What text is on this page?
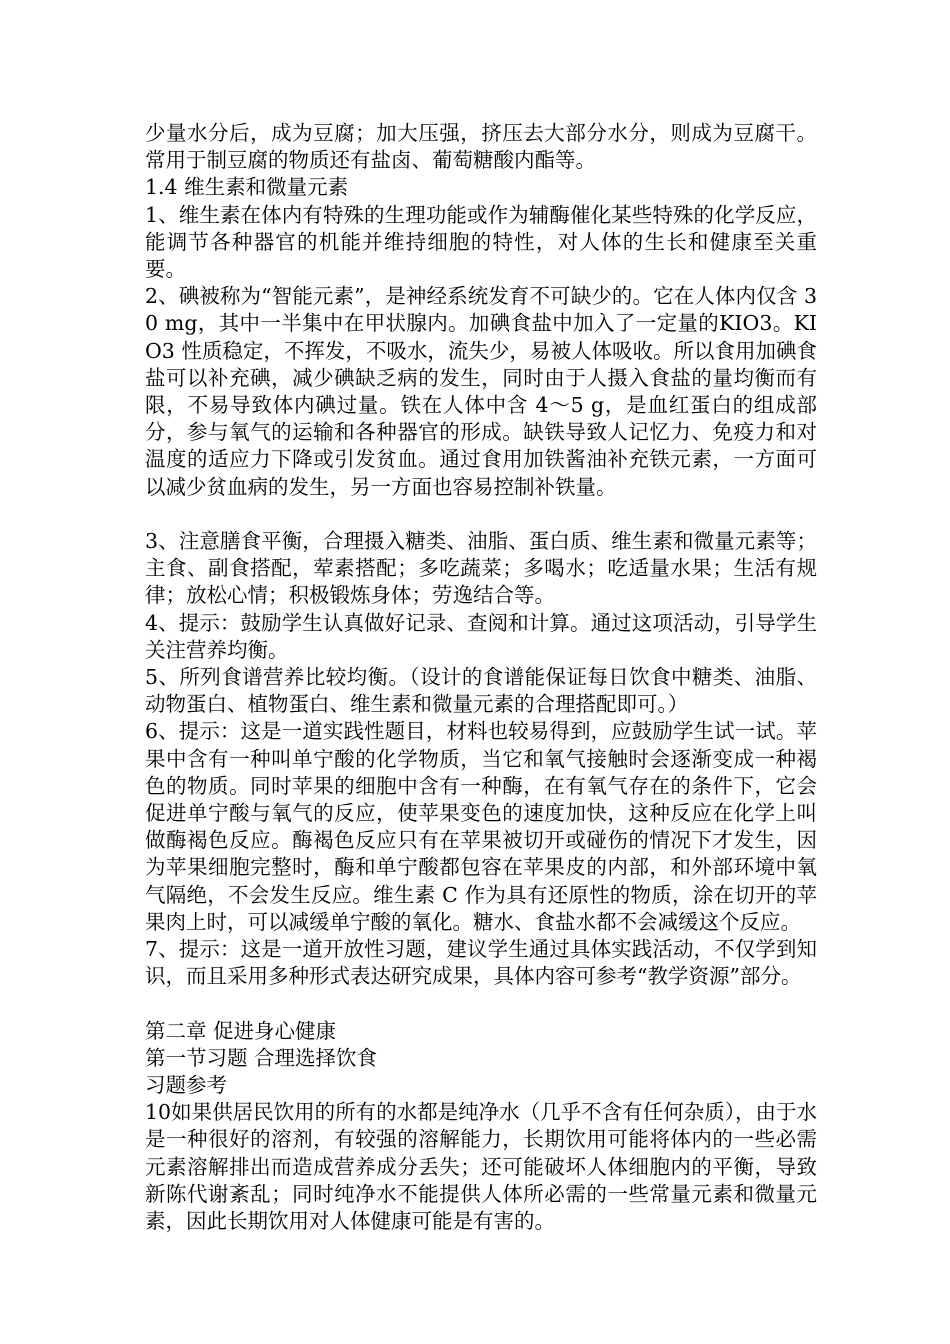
少量水分后，成为豆腐；加大压强，挤压去大部分水分，则成为豆腐干。常用于制豆腐的物质还有盐卤、葡萄糖酸内酯等。

1.4 维生素和微量元素

1、维生素在体内有特殊的生理功能或作为辅酶催化某些特殊的化学反应，能调节各种器官的机能并维持细胞的特性，对人体的生长和健康至关重要。

2、碘被称为“智能元素”，是神经系统发育不可缺少的。它在人体内仅含 30 mg，其中一半集中在甲状腺内。加碘食盐中加入了一定量的KIO3。KIO3 性质稳定，不挥发，不吸水，流失少，易被人体吸收。所以食用加碘食盐可以补充碘，减少碘缺乏病的发生，同时由于人摄入食盐的量均衡而有限，不易导致体内碘过量。铁在人体中含 4～5 g，是血红蛋白的组成部分，参与氧气的运输和各种器官的形成。缺铁导致人记忆力、免疫力和对温度的适应力下降或引发贫血。通过食用加铁酱油补充铁元素，一方面可以减少贫血病的发生，另一方面也容易控制补铁量。

3、注意膳食平衡，合理摄入糖类、油脂、蛋白质、维生素和微量元素等；主食、副食搭配，荤素搭配；多吃蔬菜；多喝水；吃适量水果；生活有规律；放松心情；积极锻炼身体；劳逸结合等。

4、提示：鼓励学生认真做好记录、查阅和计算。通过这项活动，引导学生关注营养均衡。

5、所列食谱营养比较均衡。（设计的食谱能保证每日饮食中糖类、油脂、动物蛋白、植物蛋白、维生素和微量元素的合理搭配即可。）

6、提示：这是一道实践性题目，材料也较易得到，应鼓励学生试一试。苹果中含有一种叫单宁酸的化学物质，当它和氧气接触时会逐渐变成一种褐色的物质。同时苹果的细胞中含有一种酶，在有氧气存在的条件下，它会促进单宁酸与氧气的反应，使苹果变色的速度加快，这种反应在化学上叫做酶褐色反应。酶褐色反应只有在苹果被切开或碰伤的情况下才发生，因为苹果细胞完整时，酶和单宁酸都包容在苹果皮的内部，和外部环境中氧气隔绝，不会发生反应。维生素 C 作为具有还原性的物质，涂在切开的苹果肉上时，可以减缓单宁酸的氧化。糖水、食盐水都不会减缓这个反应。

7、提示：这是一道开放性习题，建议学生通过具体实践活动，不仅学到知识，而且采用多种形式表达研究成果，具体内容可参考“教学资源”部分。

第二章 促进身心健康

第一节习题 合理选择饮食

习题参考

10如果供居民饮用的所有的水都是纯净水（几乎不含有任何杂质），由于水是一种很好的溶剂，有较强的溶解能力，长期饮用可能将体内的一些必需元素溶解排出而造成营养成分丢失；还可能破坏人体细胞内的平衡，导致新陈代谢紊乱；同时纯净水不能提供人体所必需的一些常量元素和微量元素，因此长期饮用对人体健康可能是有害的。
